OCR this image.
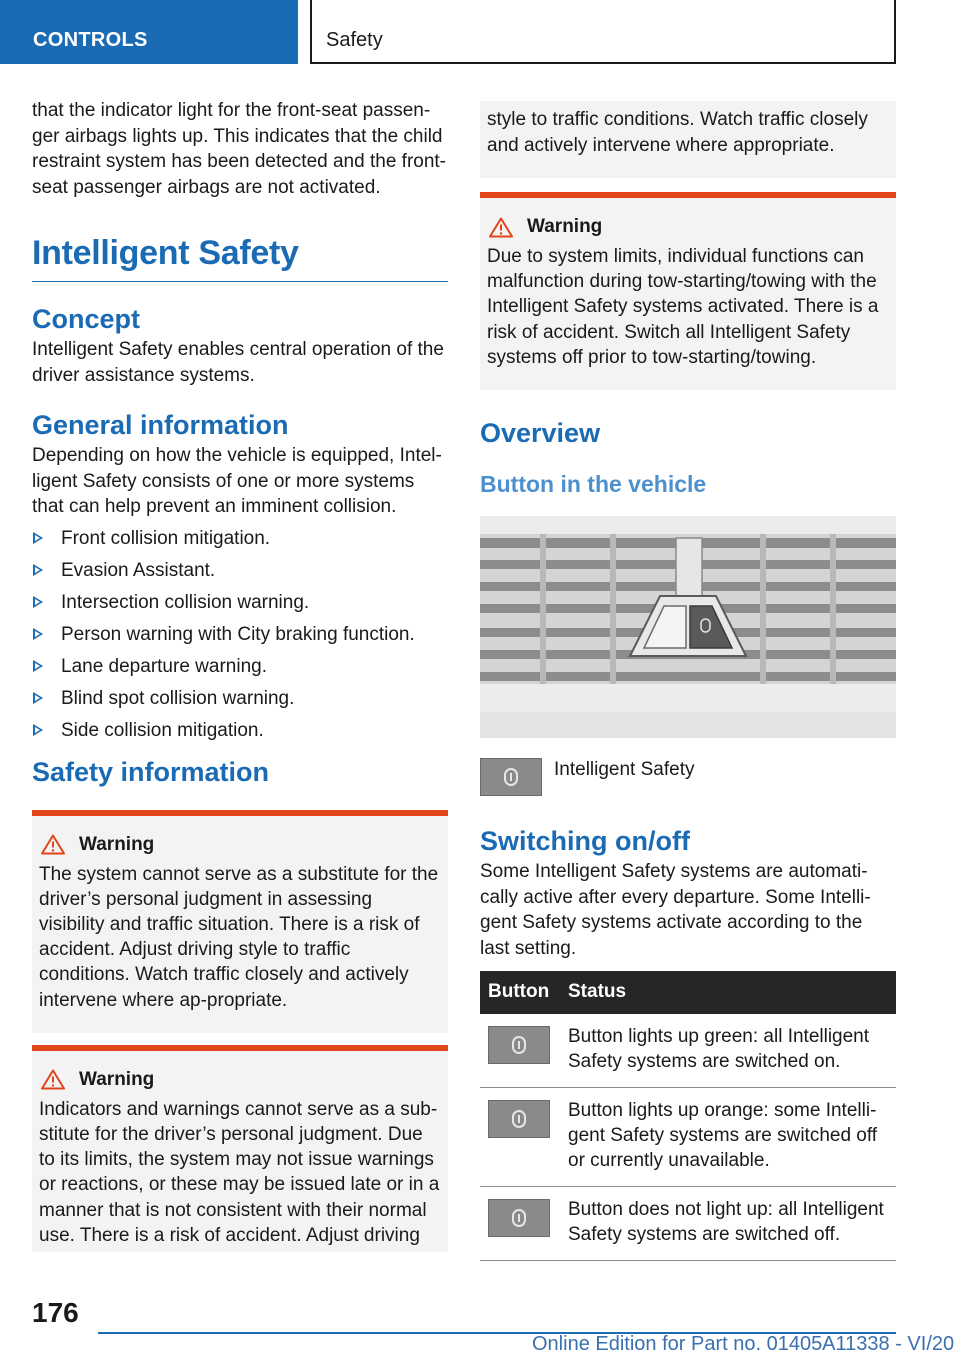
CONTROLS	Safety

that the indicator light for the front-seat passen-ger airbags lights up. This indicates that the child restraint system has been detected and the front-seat passenger airbags are not activated.

Intelligent Safety
Concept

Intelligent Safety enables central operation of the driver assistance systems.

General information

Depending on how the vehicle is equipped, Intel-ligent Safety consists of one or more systems that can help prevent an imminent collision.

Front collision mitigation.
Evasion Assistant.
Intersection collision warning.
Person warning with City braking function.
Lane departure warning.
Blind spot collision warning.
Side collision mitigation.
Safety information
Warning

The system cannot serve as a substitute for the driver’s personal judgment in assessing visibility and traffic situation. There is a risk of accident. Adjust driving style to traffic conditions. Watch traffic closely and actively intervene where ap-propriate.

Warning

Indicators and warnings cannot serve as a sub-stitute for the driver’s personal judgment. Due to its limits, the system may not issue warnings or reactions, or these may be issued late or in a manner that is not consistent with their normal use. There is a risk of accident. Adjust driving

style to traffic conditions. Watch traffic closely and actively intervene where appropriate.

Warning

Due to system limits, individual functions can malfunction during tow-starting/towing with the Intelligent Safety systems activated. There is a risk of accident. Switch all Intelligent Safety systems off prior to tow-starting/towing.

Overview
Button in the vehicle

Intelligent Safety

Switching on/off

Some Intelligent Safety systems are automati-cally active after every departure. Some Intelli-gent Safety systems activate according to the last setting.

Button	Status

	Button lights up green: all Intelligent Safety systems are switched on.

	Button lights up orange: some Intelli-gent Safety systems are switched off or currently unavailable.

	Button does not light up: all Intelligent Safety systems are switched off.
176
Online Edition for Part no. 01405A11338 - VI/20
